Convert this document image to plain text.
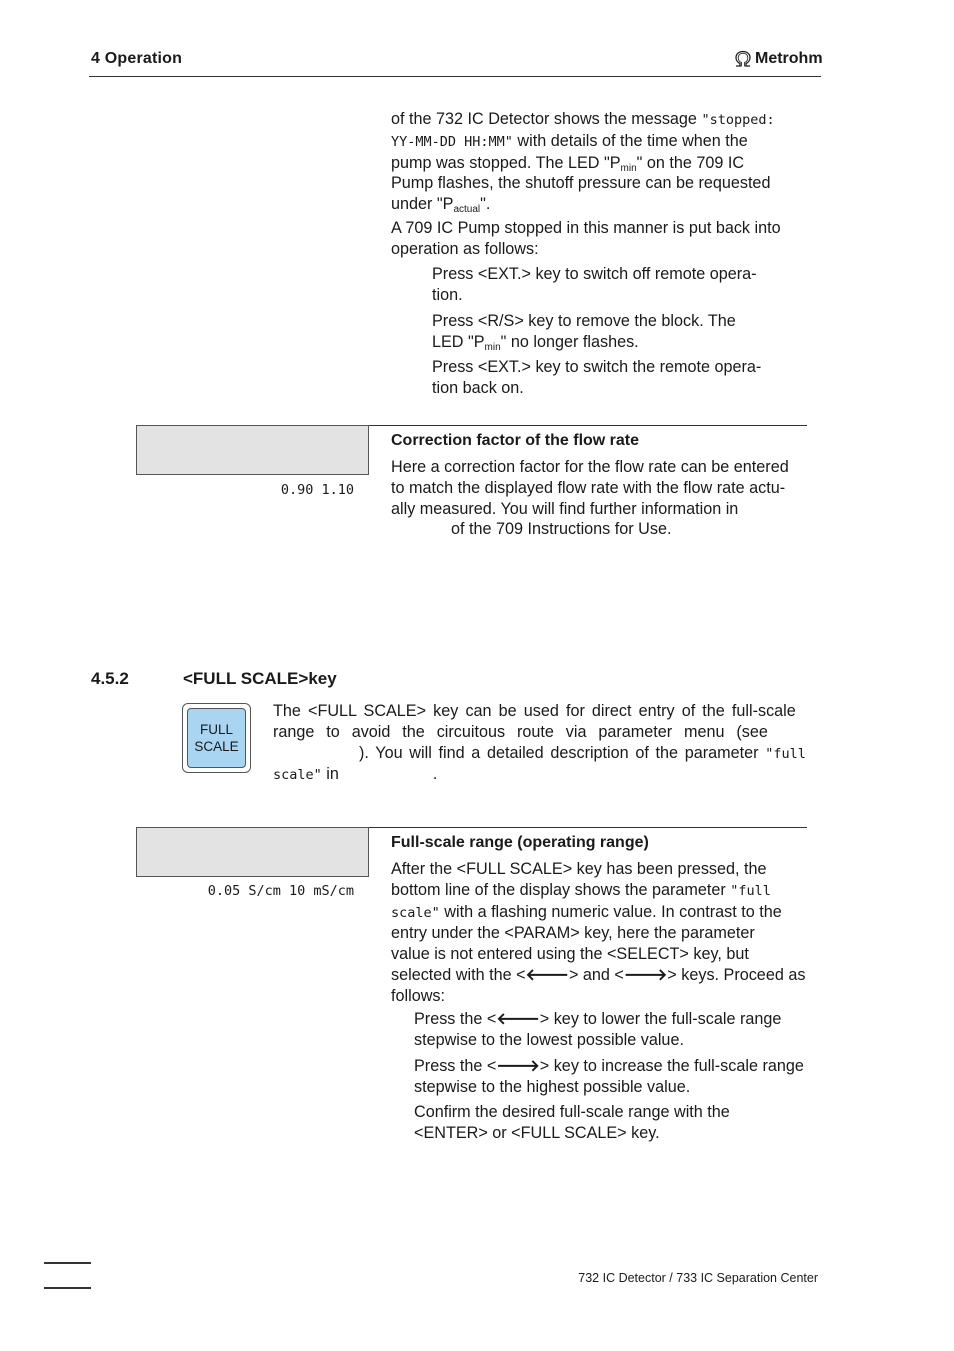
4 Operation	Metrohm
of the 732 IC Detector shows the message "stopped:
YY-MM-DD HH:MM" with details of the time when the
pump was stopped. The LED "$P_{min}$" on the 709 IC
Pump flashes, the shutoff pressure can be requested
under "$P_{actual}$".
A 709 IC Pump stopped in this manner is put back into operation as follows:
Press <EXT.> key to switch off remote opera-
tion.
Press <R/S> key to remove the block. The
LED "$P_{min}$" no longer flashes.
Press <EXT.> key to switch the remote opera-
tion back on.
Correction factor of the flow rate
0.90 1.10
Here a correction factor for the flow rate can be entered
to match the displayed flow rate with the flow rate actu-
ally measured. You will find further information in
of the 709 Instructions for Use.
4.5.2	<FULL SCALE>key
FULL
SCALE
The <FULL SCALE> key can be used for direct entry of the full-scale
range to avoid the circuitous route via parameter menu (see
). You will find a detailed description of the parameter "full
scale" in	.
Full-scale range (operating range)
0.05 S/cm 10 mS/cm
After the <FULL SCALE> key has been pressed, the
bottom line of the display shows the parameter "full
scale" with a flashing numeric value. In contrast to the
entry under the <PARAM> key, here the parameter
value is not entered using the <SELECT> key, but
selected with the <🡐> and <🡒> keys. Proceed as
follows:
Press the <🡐> key to lower the full-scale range
stepwise to the lowest possible value.
Press the <🡒> key to increase the full-scale range
stepwise to the highest possible value.
Confirm the desired full-scale range with the
<ENTER> or <FULL SCALE> key.
732 IC Detector / 733 IC Separation Center
